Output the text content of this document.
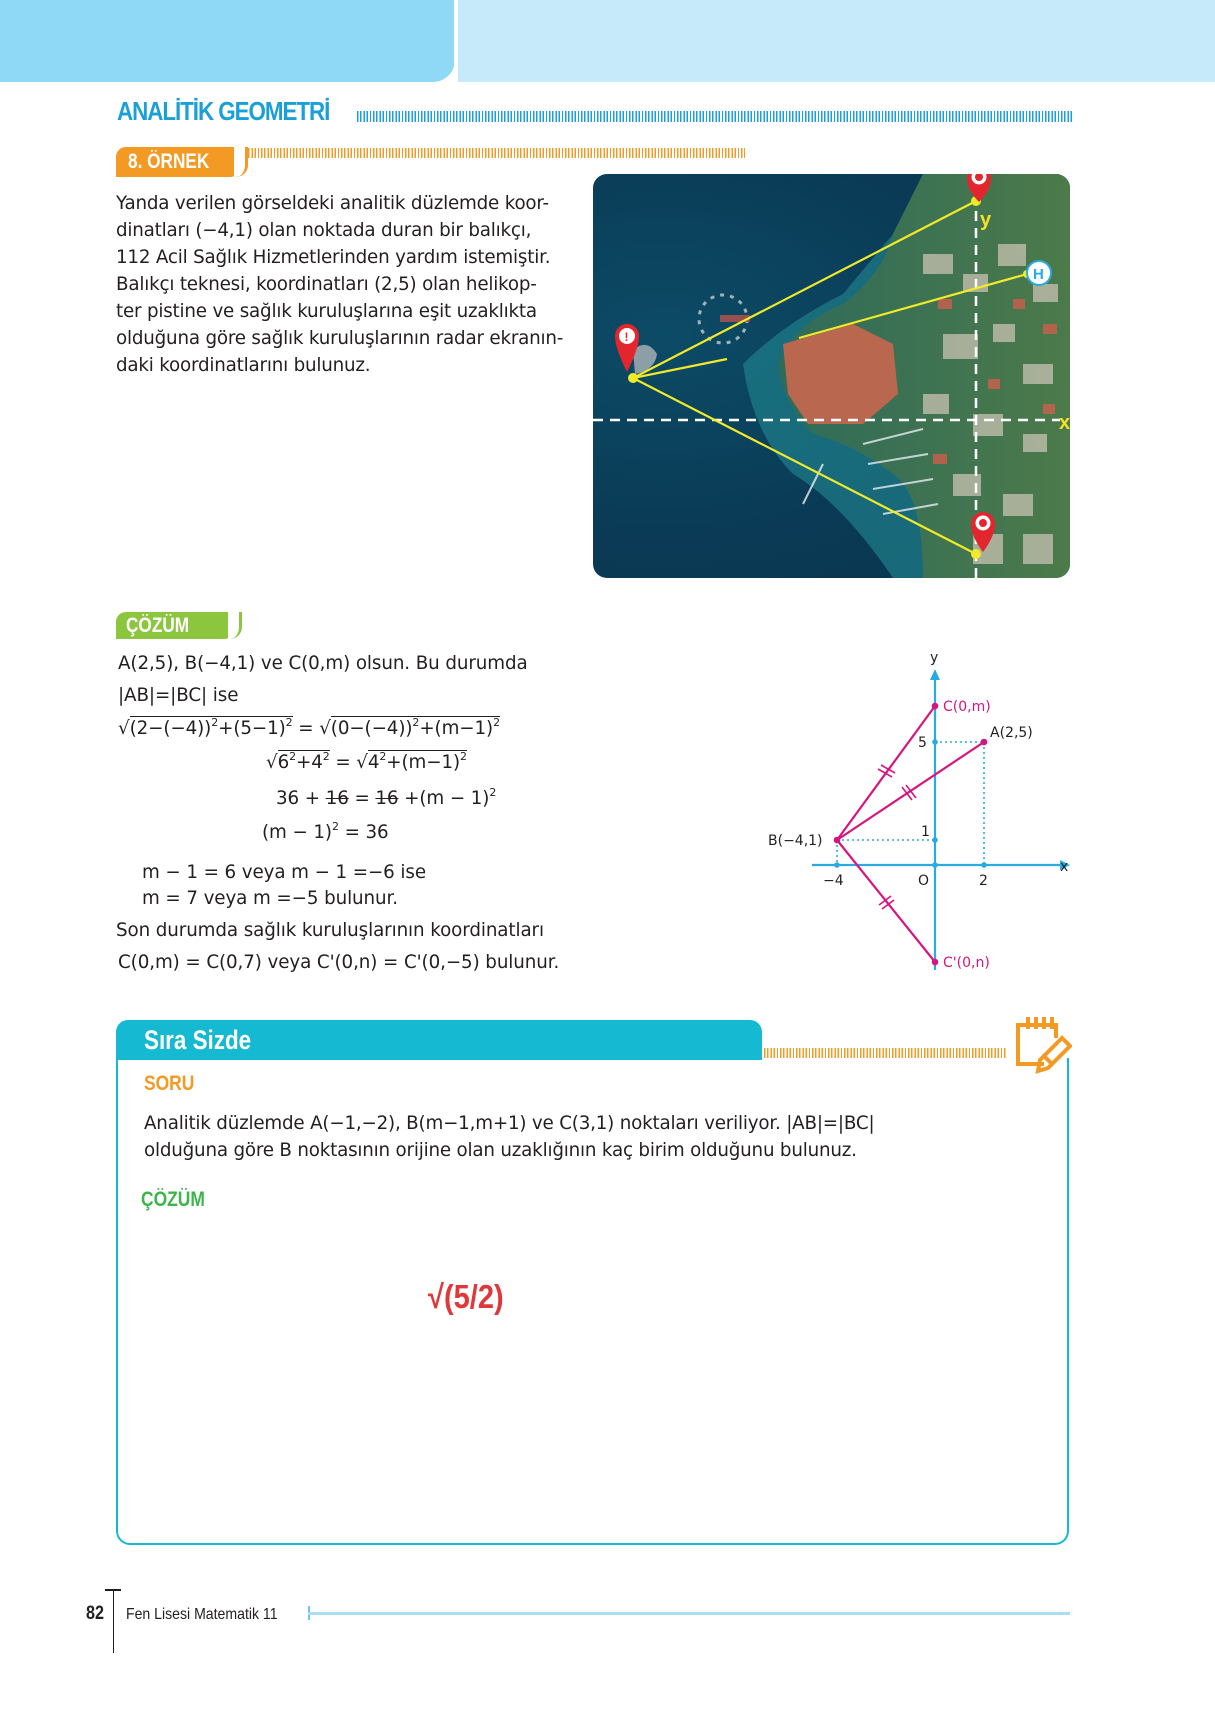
ANALİTİK GEOMETRİ
8. ÖRNEK
Yanda verilen görseldeki analitik düzlemde koor-
dinatları (−4,1) olan noktada duran bir balıkçı,
112 Acil Sağlık Hizmetlerinden yardım istemiştir.
Balıkçı teknesi, koordinatları (2,5) olan helikop-
ter pistine ve sağlık kuruluşlarına eşit uzaklıkta
olduğuna göre sağlık kuruluşlarının radar ekranın-
daki koordinatlarını bulunuz.
x
y
!
H
ÇÖZÜM
A(2,5), B(−4,1) ve C(0,m) olsun. Bu durumda
|AB|=|BC| ise
$√(2-(-4))^2+(5-1)^2 = √(0-(-4))^2+(m-1)^2$
$√6^2+4^2 = √4^2+(m-1)^2$
$36 + 16 = 16 +(m - 1)^2$
$(m - 1)^2 = 36$
m − 1 = 6 veya m − 1 =−6 ise
m = 7 veya m =−5 bulunur.
Son durumda sağlık kuruluşlarının koordinatları
C(0,m) = C(0,7) veya C'(0,n) = C'(0,−5) bulunur.
y
x
O
5
1
−4	2
A(2,5)
B(−4,1)
C(0,m)
C'(0,n)
Sıra Sizde
SORU
Analitik düzlemde A(−1,−2), B(m−1,m+1) ve C(3,1) noktaları veriliyor. |AB|=|BC|
olduğuna göre B noktasının orijine olan uzaklığının kaç birim olduğunu bulunuz.
ÇÖZÜM
√(5/2)
82 Fen Lisesi Matematik 11
